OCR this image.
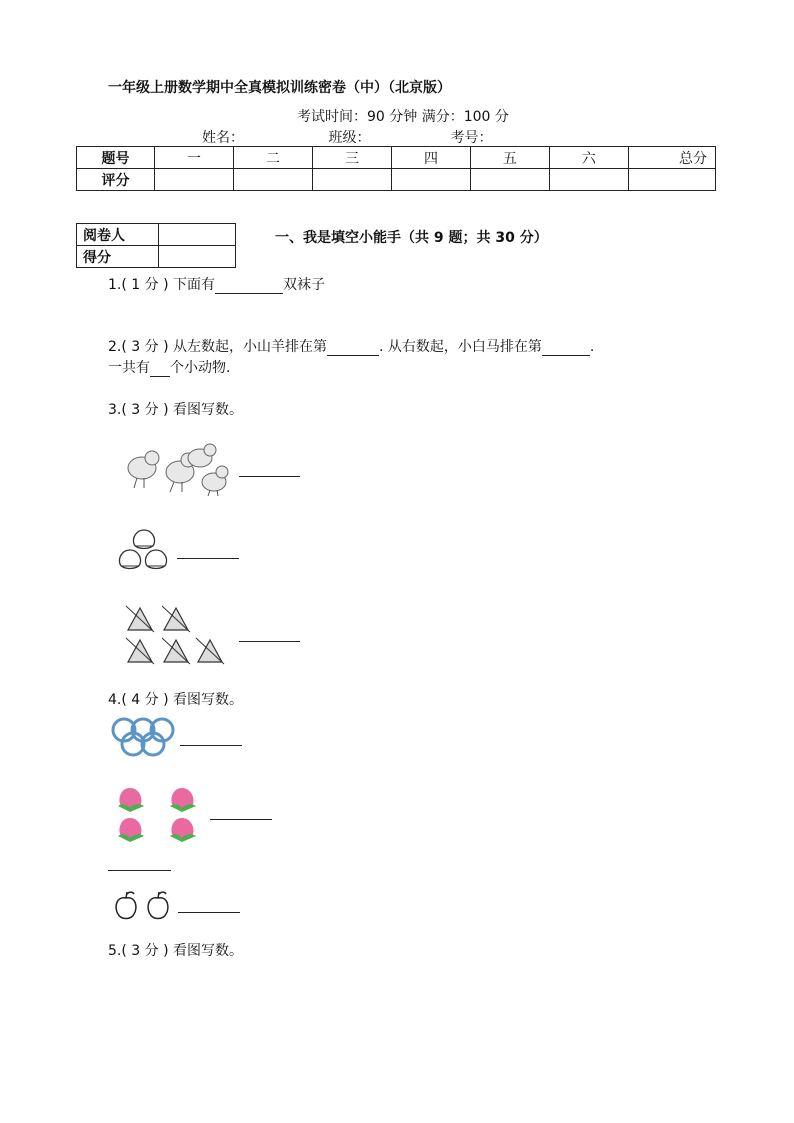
一年级上册数学期中全真模拟训练密卷（中）（北京版）
考试时间：90 分钟 满分：100 分
姓名：	班级：	考号：
题号	一	二	三	四	五	六	总分
评分							
阅卷人	
得分	
一、我是填空小能手（共 9 题；共 30 分）
1.( 1 分 ) 下面有	双袜子
2.( 3 分 ) 从左数起，小山羊排在第	. 从右数起，小白马排在第	.
一共有 个小动物.
3.( 3 分 ) 看图写数。
4.( 4 分 ) 看图写数。
5.( 3 分 ) 看图写数。
